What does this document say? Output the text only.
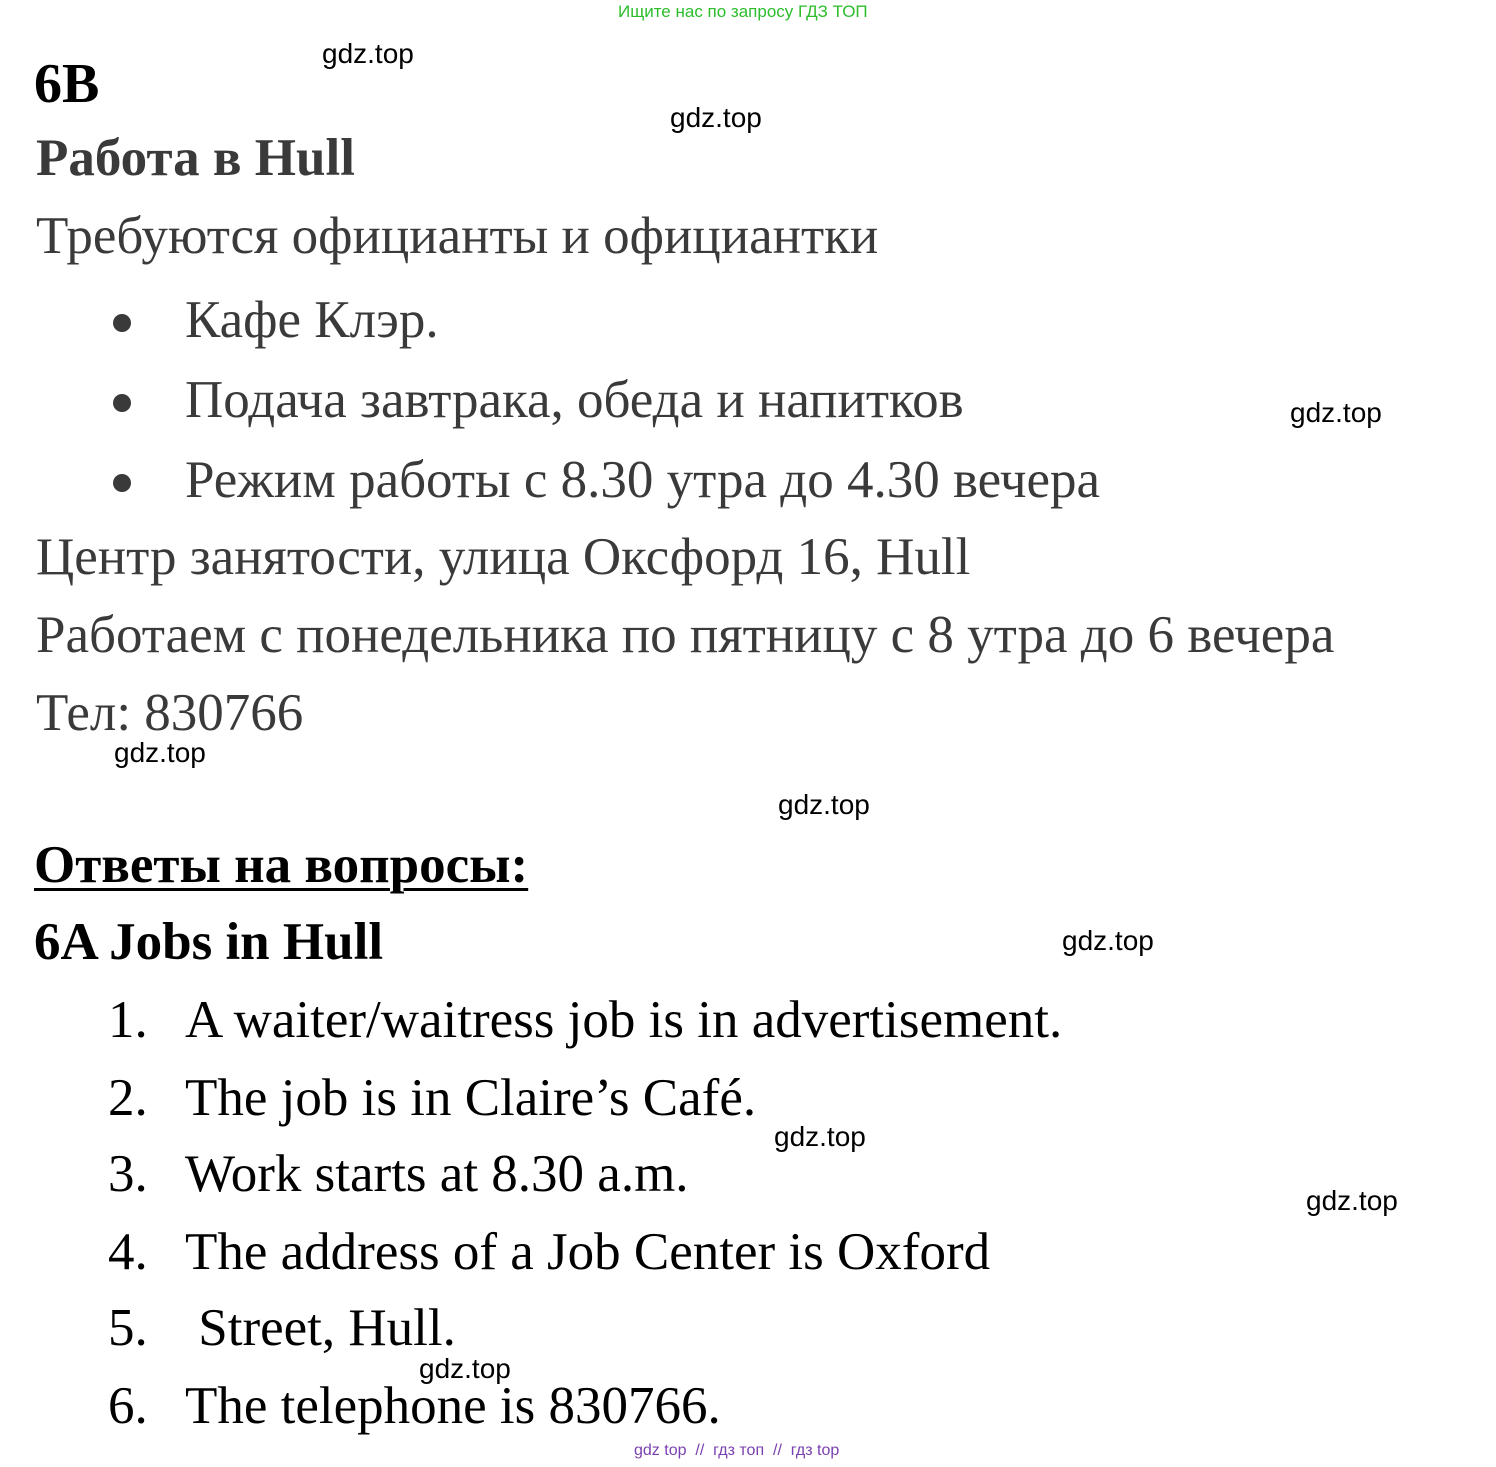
Ищите нас по запросу ГДЗ ТОП
gdz.top
gdz.top
gdz.top
gdz.top
gdz.top
gdz.top
gdz.top
gdz.top
gdz.top
6B
Работа в Hull
Требуются официанты и официантки
Кафе Клэр.
Подача завтрака, обеда и напитков
Режим работы с 8.30 утра до 4.30 вечера
Центр занятости, улица Оксфорд 16, Hull
Работаем с понедельника по пятницу с 8 утра до 6 вечера
Тел: 830766
Ответы на вопросы:
6A Jobs in Hull
1. A waiter/waitress job is in advertisement.
2. The job is in Claire’s Café.
3. Work starts at 8.30 a.m.
4. The address of a Job Center is Oxford
5. Street, Hull.
6. The telephone is 830766.
gdz top  //  гдз топ  //  гдз top
